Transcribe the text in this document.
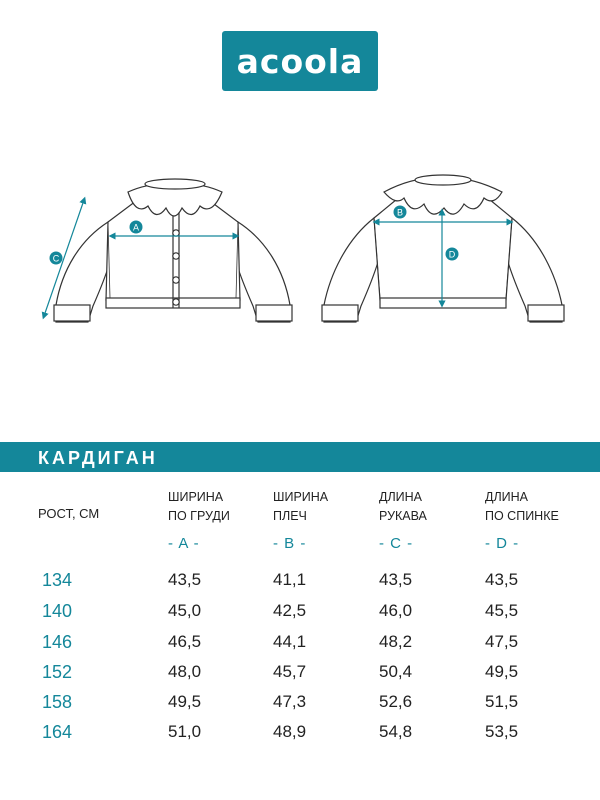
acoola
A
B
C	D
КАРДИГАН
РОСТ, СМ
ШИРИНА
ПО ГРУДИ
ШИРИНА
ПЛЕЧ
ДЛИНА
РУКАВА
ДЛИНА
ПО СПИНКЕ
- A -	- B -	- C -	- D -
134	43,5	41,1	43,5	43,5
140	45,0	42,5	46,0	45,5
146	46,5	44,1	48,2	47,5
152	48,0	45,7	50,4	49,5
158	49,5	47,3	52,6	51,5
164	51,0	48,9	54,8	53,5
